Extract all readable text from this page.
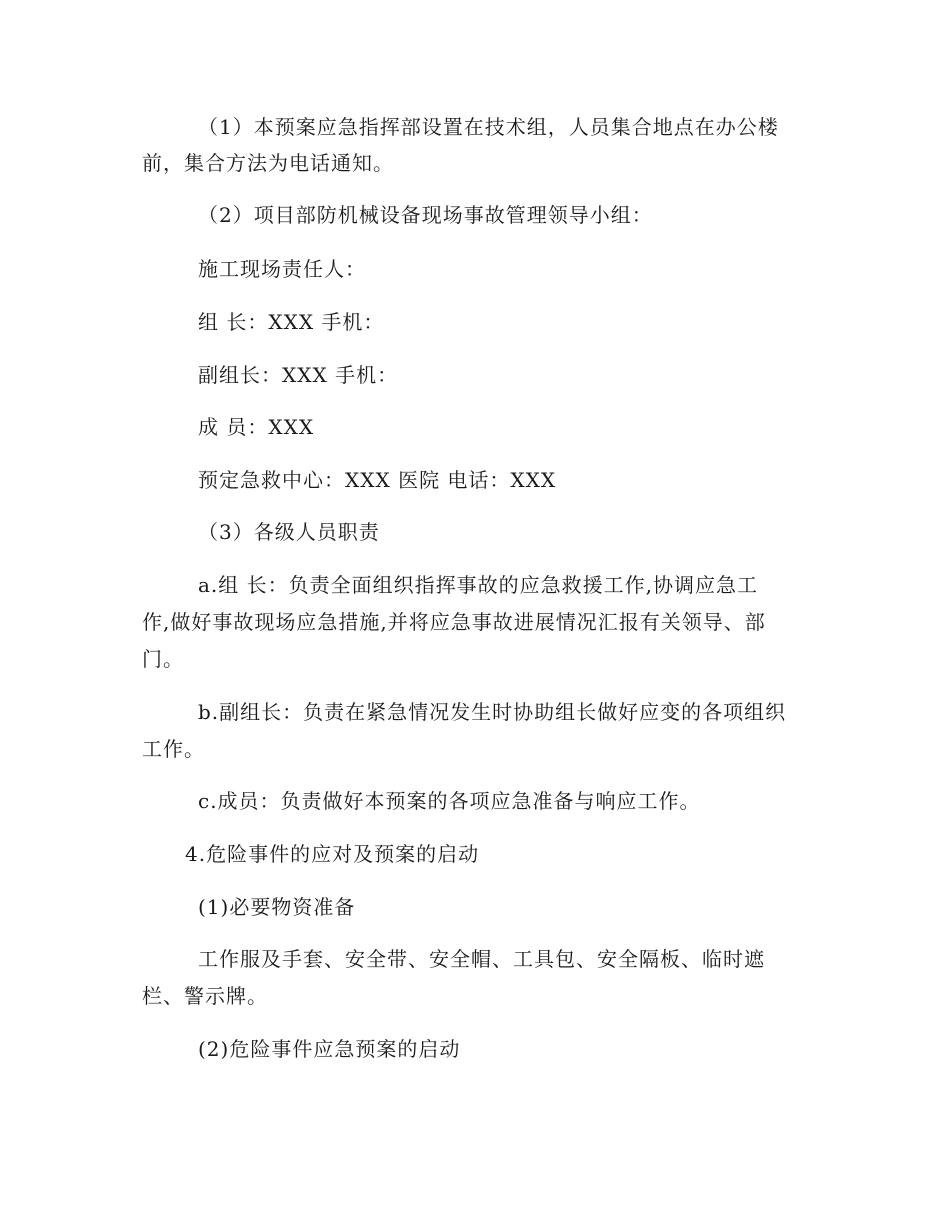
（1）本预案应急指挥部设置在技术组，人员集合地点在办公楼
前，集合方法为电话通知。
（2）项目部防机械设备现场事故管理领导小组：
施工现场责任人：
组 长：XXX 手机：
副组长：XXX 手机：
成 员：XXX
预定急救中心：XXX 医院 电话：XXX
（3）各级人员职责
a.组 长：负责全面组织指挥事故的应急救援工作,协调应急工
作,做好事故现场应急措施,并将应急事故进展情况汇报有关领导、部
门。
b.副组长：负责在紧急情况发生时协助组长做好应变的各项组织
工作。
c.成员：负责做好本预案的各项应急准备与响应工作。
4.危险事件的应对及预案的启动
(1)必要物资准备
工作服及手套、安全带、安全帽、工具包、安全隔板、临时遮
栏、警示牌。
(2)危险事件应急预案的启动
